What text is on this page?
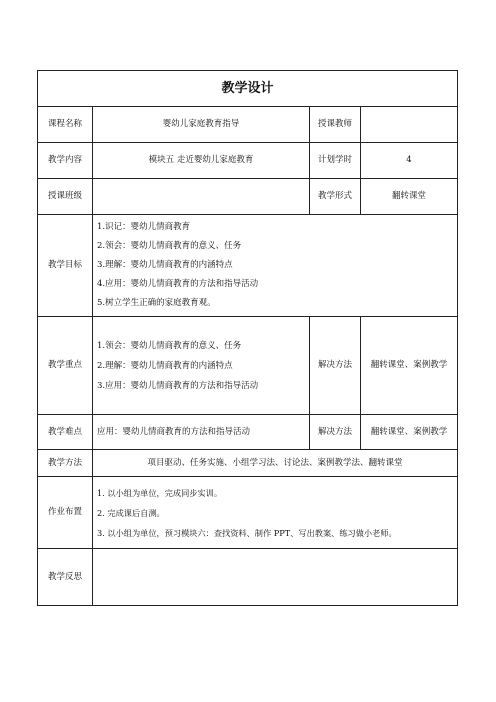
教学设计			
课程名称	婴幼儿家庭教育指导	授课教师	
教学内容	模块五 走近婴幼儿家庭教育	计划学时	4
授课班级		教学形式	翻转课堂
教学目标	1.识记：婴幼儿情商教育
2.领会：婴幼儿情商教育的意义、任务
3.理解：婴幼儿情商教育的内涵特点
4.应用：婴幼儿情商教育的方法和指导活动
5.树立学生正确的家庭教育观。		

教学重点	1.领会：婴幼儿情商教育的意义、任务
2.理解：婴幼儿情商教育的内涵特点
3.应用：婴幼儿情商教育的方法和指导活动	解决方法	翻转课堂、案例教学
教学难点	应用：婴幼儿情商教育的方法和指导活动	解决方法	翻转课堂、案例教学
教学方法	项目驱动、任务实施、小组学习法、讨论法、案例教学法、翻转课堂		
作业布置	1. 以小组为单位，完成同步实训。
2. 完成课后自测。
3. 以小组为单位，预习模块六：查找资料、制作 PPT、写出教案、练习做小老师。		

教学反思			
